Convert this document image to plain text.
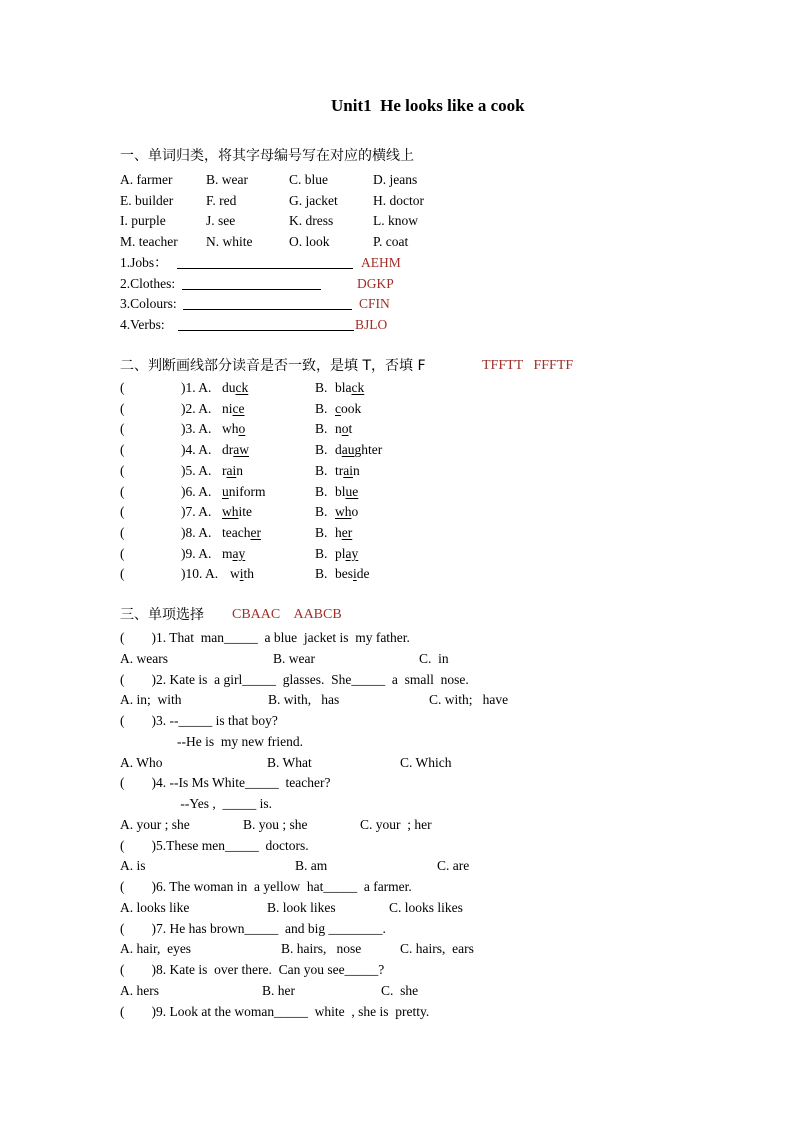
Unit1  He looks like a cook
一、单词归类，将其字母编号写在对应的横线上
A. farmer B. wear	C. blue	D. jeans
E. builder F. red	G. jacket	H. doctor
I. purple	J. see	K. dress	L. know
M. teacher N. white	O. look	P. coat
1.Jobs：	AEHM
2.Clothes:	DGKP
3.Colours:	CFIN
4.Verbs:	BJLO
二、判断画线部分读音是否一致，是填 T，否填 F	TFFTT   FFFTF
(	)1. A. duck	B. black
(	)2. A. nice	B. cook
(	)3. A. who	B. not
(	)4. A. draw	B. daughter
(	)5. A. rain	B. train
(	)6. A. uniform	B. blue
(	)7. A. white	B. who
(	)8. A. teacher	B. her
(	)9. A. may	B. play
(	)10. A. with	B. beside
三、单项选择 CBAAC    AABCB
(        )1. That  man_____  a blue  jacket is  my father.
A. wears	B. wear	C.  in
(        )2. Kate is  a girl_____  glasses.  She_____  a  small  nose.
A. in;  with	B. with,   has	C. with;   have
(        )3. --_____ is that boy?
--He is  my new friend.
A. Who	B. What	C. Which
(        )4. --Is Ms White_____  teacher?
--Yes ,  _____ is.
A. your ; she	B. you ; she	C. your  ; her
(        )5.These men_____  doctors.
A. is	B. am	C. are
(        )6. The woman in  a yellow  hat_____  a farmer.
A. looks like	B. look likes	C. looks likes
(        )7. He has brown_____  and big ________.
A. hair,  eyes	B. hairs,   nose	C. hairs,  ears
(        )8. Kate is  over there.  Can you see_____?
A. hers	B. her	C.  she
(        )9. Look at the woman_____  white  , she is  pretty.
